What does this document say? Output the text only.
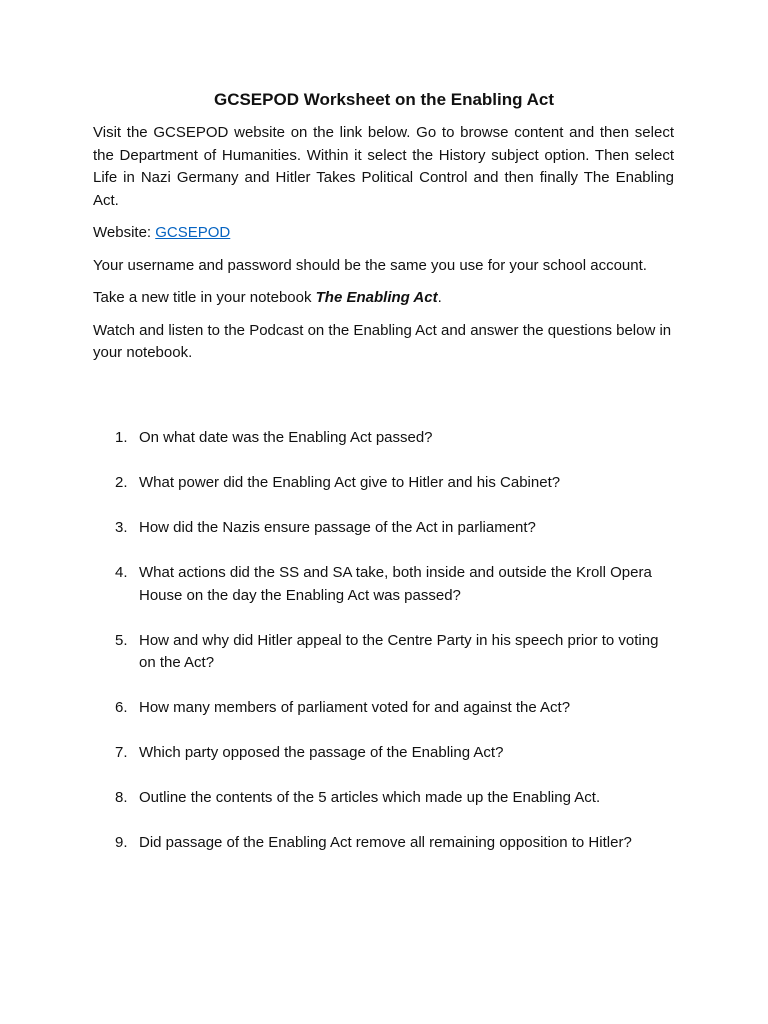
GCSEPOD Worksheet on the Enabling Act

Visit the GCSEPOD website on the link below. Go to browse content and then select the Department of Humanities. Within it select the History subject option. Then select Life in Nazi Germany and Hitler Takes Political Control and then finally The Enabling Act.

Website: GCSEPOD

Your username and password should be the same you use for your school account.

Take a new title in your notebook The Enabling Act.

Watch and listen to the Podcast on the Enabling Act and answer the questions below in your notebook.

1. On what date was the Enabling Act passed?
2. What power did the Enabling Act give to Hitler and his Cabinet?
3. How did the Nazis ensure passage of the Act in parliament?
4. What actions did the SS and SA take, both inside and outside the Kroll Opera House on the day the Enabling Act was passed?
5. How and why did Hitler appeal to the Centre Party in his speech prior to voting on the Act?
6. How many members of parliament voted for and against the Act?
7. Which party opposed the passage of the Enabling Act?
8. Outline the contents of the 5 articles which made up the Enabling Act.
9. Did passage of the Enabling Act remove all remaining opposition to Hitler?
